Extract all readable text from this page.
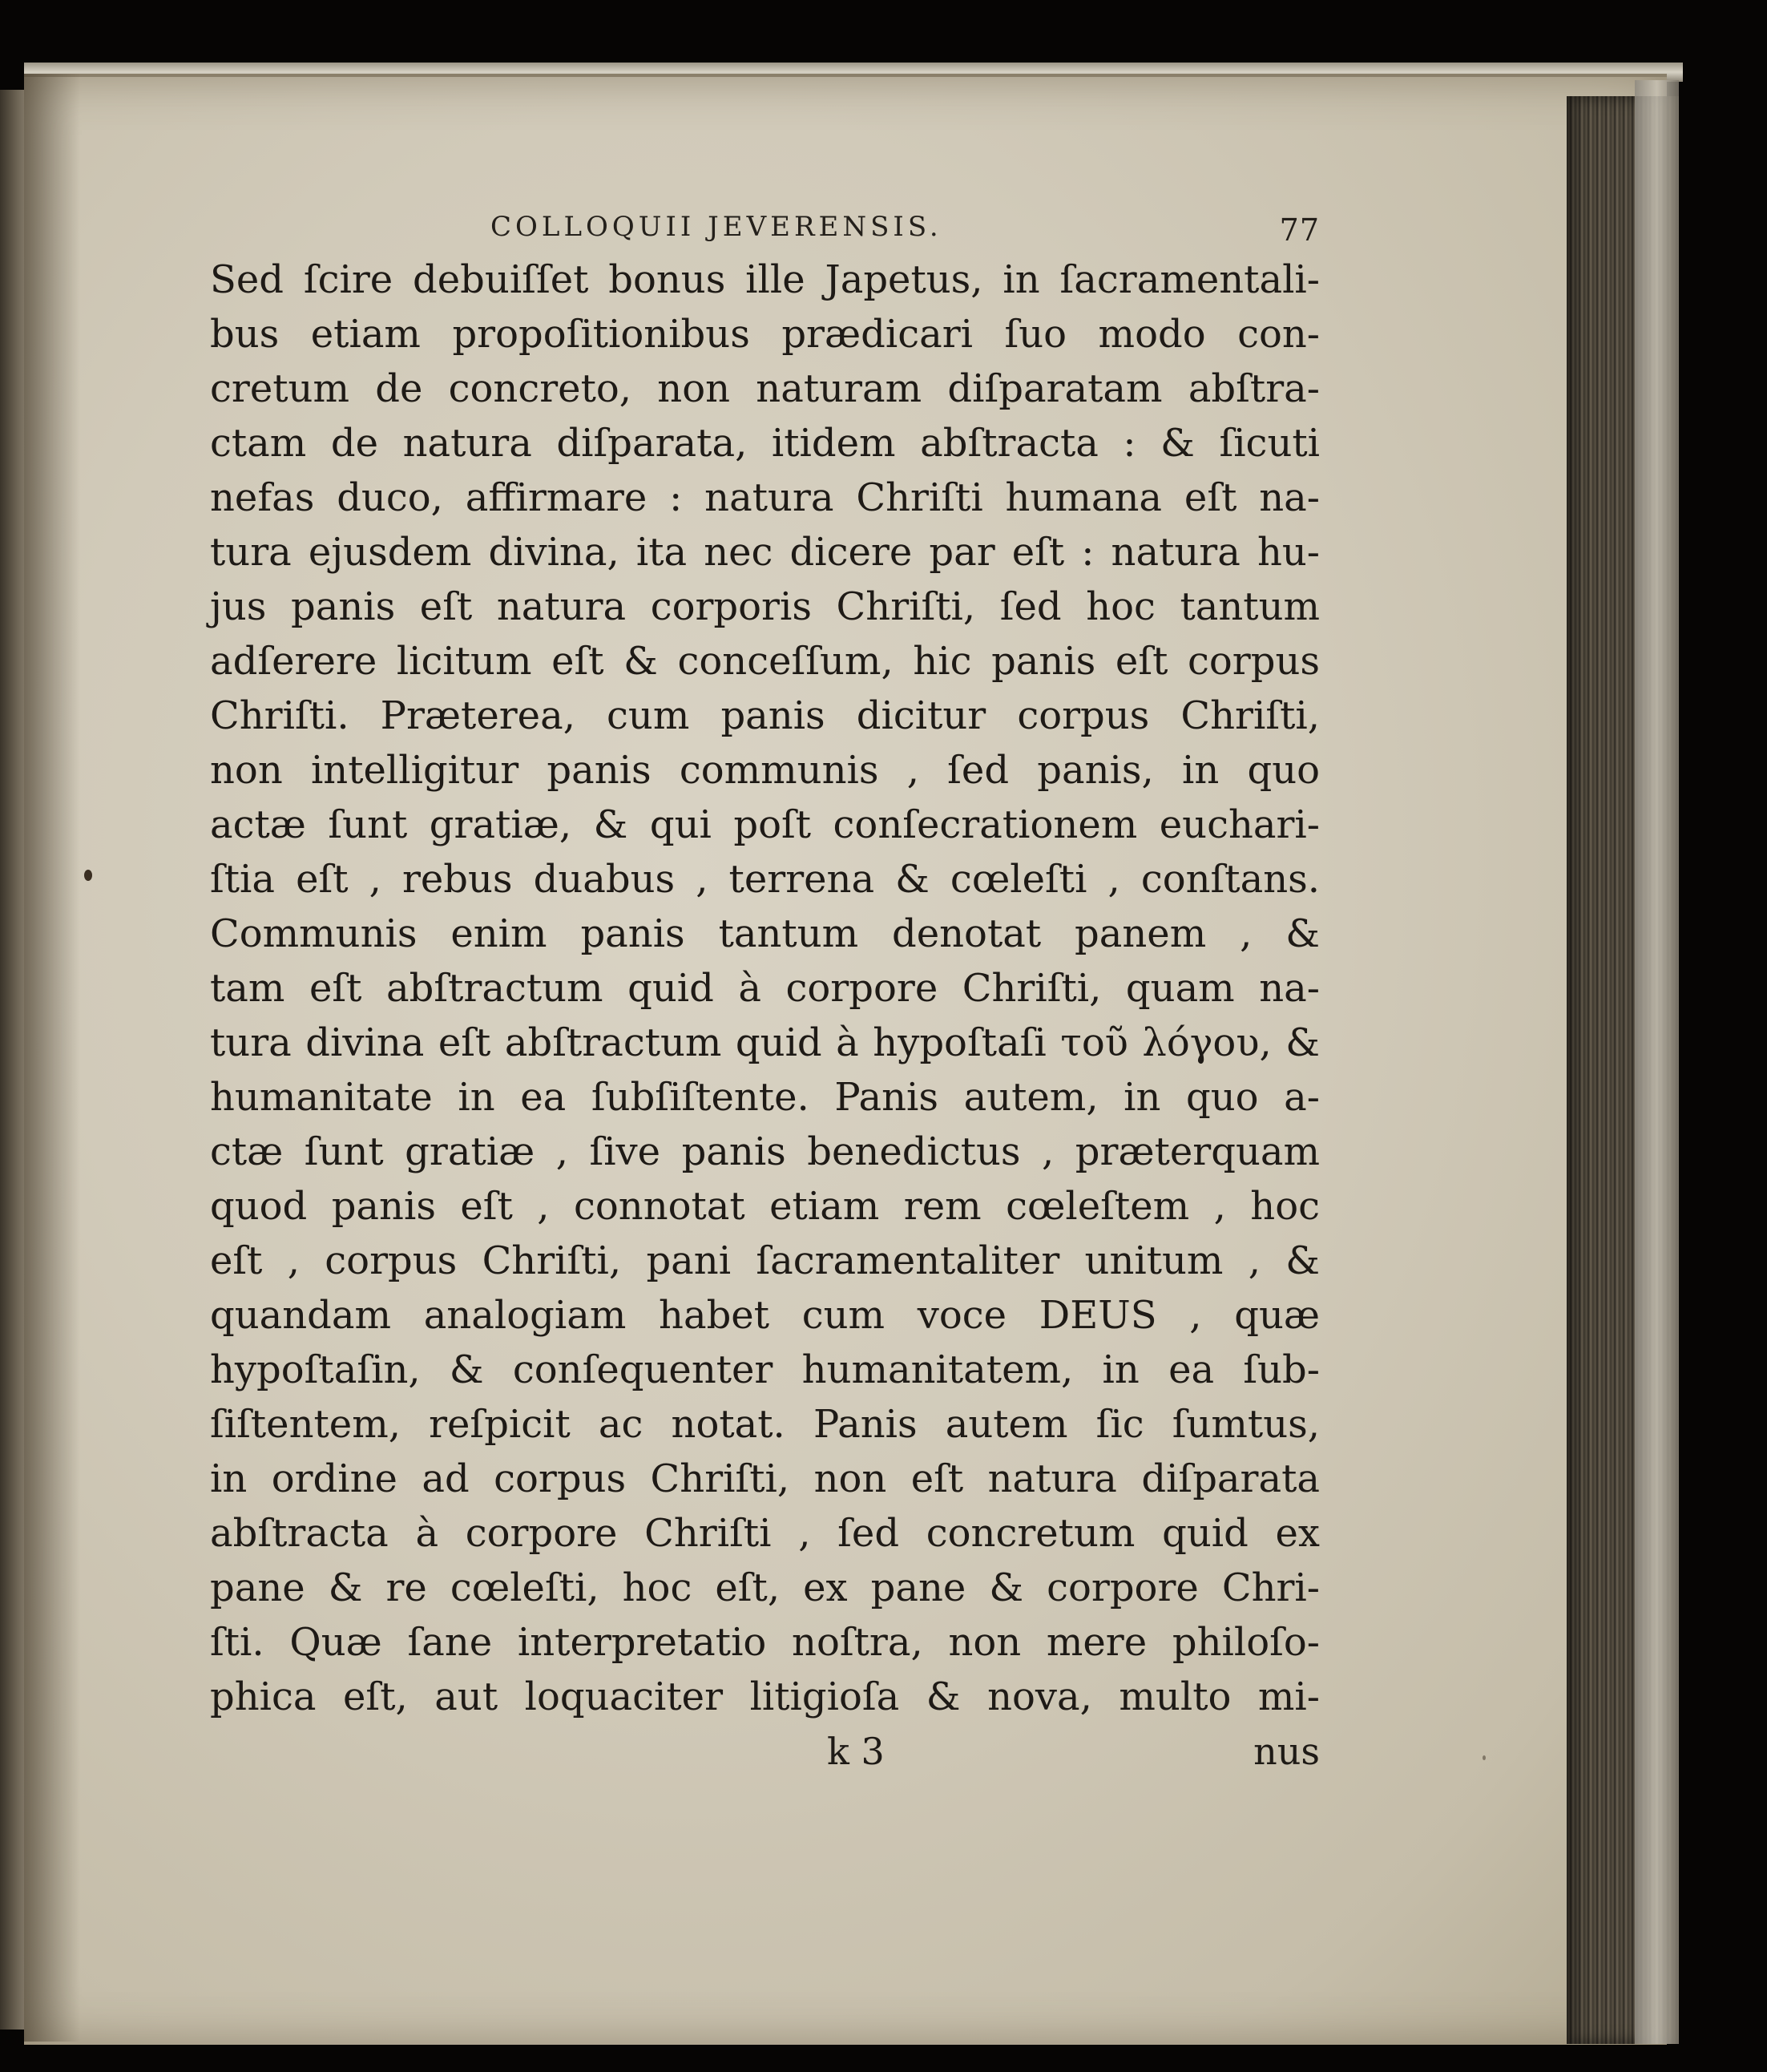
COLLOQUII JEVERENSIS.	77
Sed ſcire debuiſſet bonus ille Japetus, in ſacramentali-
bus etiam propoſitionibus prædicari ſuo modo con-
cretum de concreto, non naturam diſparatam abſtra-
ctam de natura diſparata, itidem abſtracta : & ſicuti
nefas duco, affirmare : natura Chriſti humana eſt na-
tura ejusdem divina, ita nec dicere par eſt : natura hu-
jus panis eſt natura corporis Chriſti, ſed hoc tantum
adſerere licitum eſt & conceſſum, hic panis eſt corpus
Chriſti. Præterea, cum panis dicitur corpus Chriſti,
non intelligitur panis communis , ſed panis, in quo
actæ ſunt gratiæ, & qui poſt conſecrationem euchari-
ſtia eſt , rebus duabus , terrena & cœleſti , conſtans.
Communis enim panis tantum denotat panem , &
tam eſt abſtractum quid à corpore Chriſti, quam na-
tura divina eſt abſtractum quid à hypoſtaſi τοῦ λόγου, &
humanitate in ea ſubſiſtente. Panis autem, in quo a-
ctæ ſunt gratiæ , ſive panis benedictus , præterquam
quod panis eſt , connotat etiam rem cœleſtem , hoc
eſt , corpus Chriſti, pani ſacramentaliter unitum , &
quandam analogiam habet cum voce DEUS , quæ
hypoſtaſin, & conſequenter humanitatem, in ea ſub-
ſiſtentem, reſpicit ac notat. Panis autem ſic ſumtus,
in ordine ad corpus Chriſti, non eſt natura diſparata
abſtracta à corpore Chriſti , ſed concretum quid ex
pane & re cœleſti, hoc eſt, ex pane & corpore Chri-
ſti. Quæ ſane interpretatio noſtra, non mere philoſo-
phica eſt, aut loquaciter litigioſa & nova, multo mi-
k 3	nus
